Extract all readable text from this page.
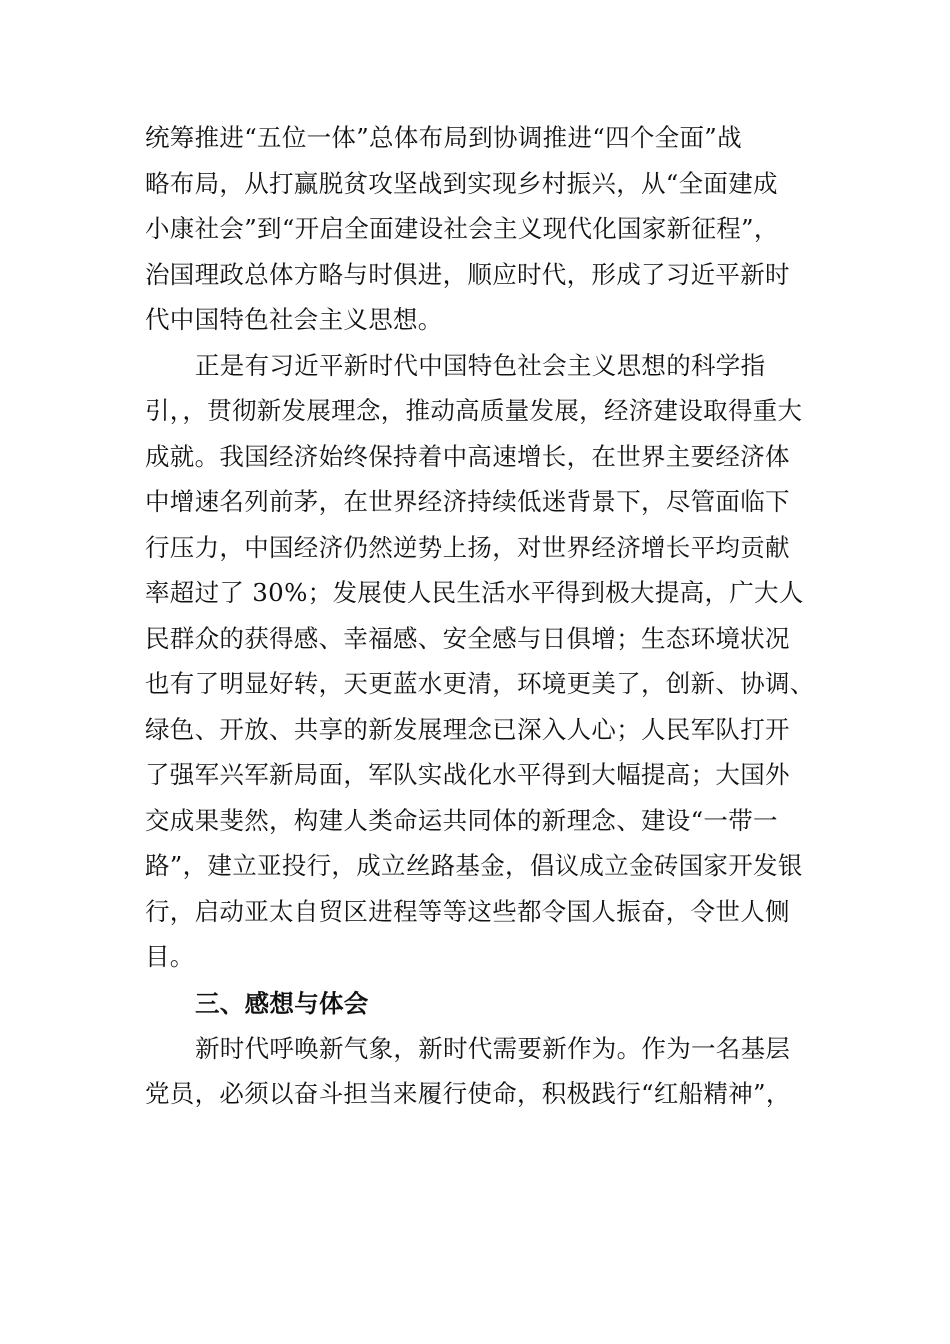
统筹推进“五位一体”总体布局到协调推进“四个全面”战

略布局，从打赢脱贫攻坚战到实现乡村振兴，从“全面建成

小康社会”到“开启全面建设社会主义现代化国家新征程”，

治国理政总体方略与时俱进，顺应时代，形成了习近平新时

代中国特色社会主义思想。

正是有习近平新时代中国特色社会主义思想的科学指

引，，贯彻新发展理念，推动高质量发展，经济建设取得重大

成就。我国经济始终保持着中高速增长，在世界主要经济体

中增速名列前茅，在世界经济持续低迷背景下，尽管面临下

行压力，中国经济仍然逆势上扬，对世界经济增长平均贡献

率超过了 30%；发展使人民生活水平得到极大提高，广大人

民群众的获得感、幸福感、安全感与日俱增；生态环境状况

也有了明显好转，天更蓝水更清，环境更美了，创新、协调、

绿色、开放、共享的新发展理念已深入人心；人民军队打开

了强军兴军新局面，军队实战化水平得到大幅提高；大国外

交成果斐然，构建人类命运共同体的新理念、建设“一带一

路”，建立亚投行，成立丝路基金，倡议成立金砖国家开发银

行，启动亚太自贸区进程等等这些都令国人振奋，令世人侧

目。

三、感想与体会

新时代呼唤新气象，新时代需要新作为。作为一名基层

党员，必须以奋斗担当来履行使命，积极践行“红船精神”，
